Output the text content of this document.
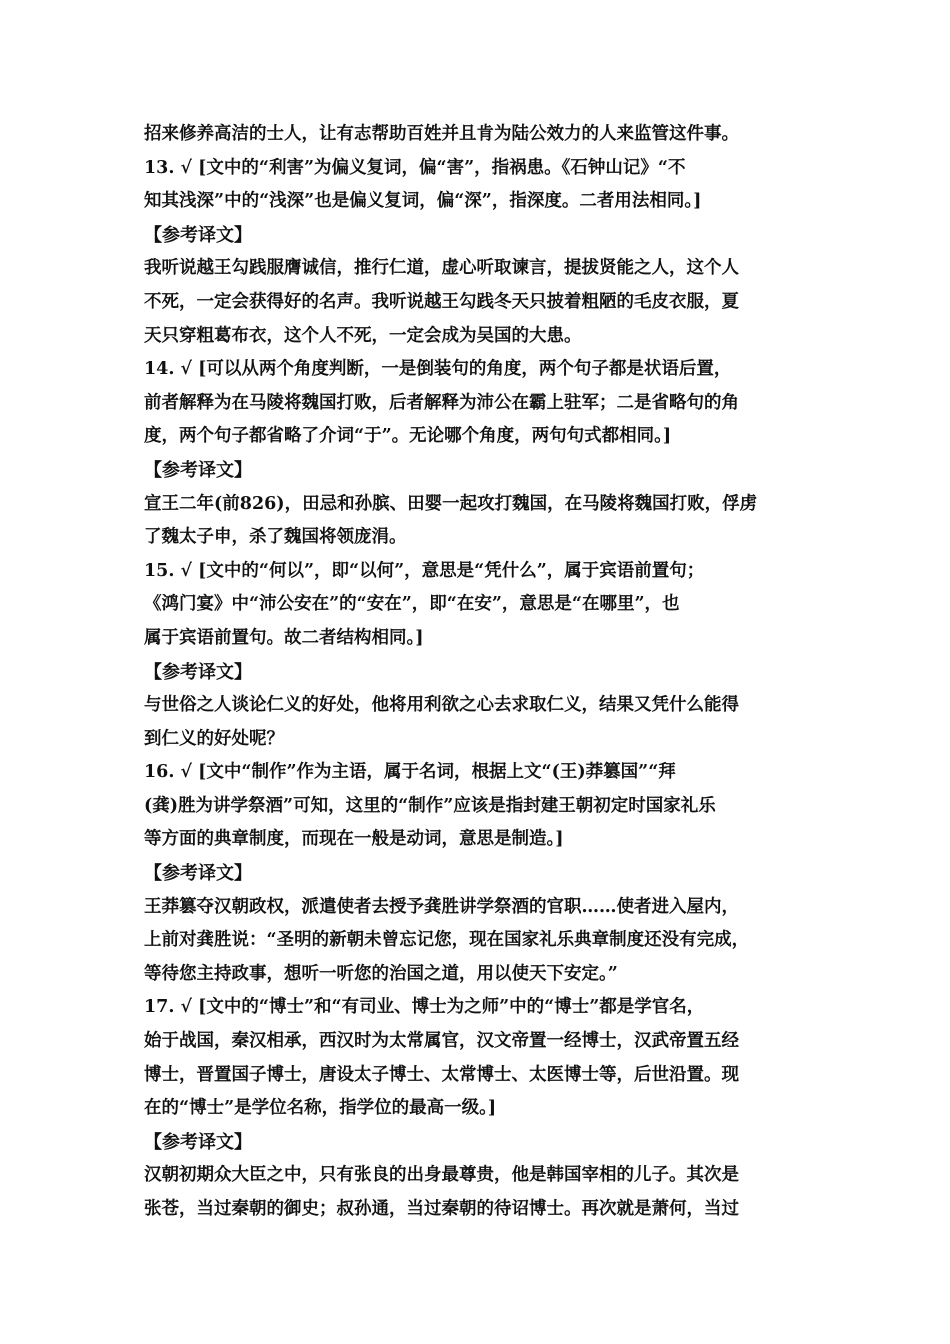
招来修养高洁的士人，让有志帮助百姓并且肯为陆公效力的人来监管这件事。
13. √ [文中的“利害”为偏义复词，偏“害”，指祸患。《石钟山记》“不
知其浅深”中的“浅深”也是偏义复词，偏“深”，指深度。二者用法相同。]
【参考译文】
我听说越王勾践服膺诚信，推行仁道，虚心听取谏言，提拔贤能之人，这个人
不死，一定会获得好的名声。我听说越王勾践冬天只披着粗陋的毛皮衣服，夏
天只穿粗葛布衣，这个人不死，一定会成为吴国的大患。
14. √ [可以从两个角度判断，一是倒装句的角度，两个句子都是状语后置，
前者解释为在马陵将魏国打败，后者解释为沛公在霸上驻军；二是省略句的角
度，两个句子都省略了介词“于”。无论哪个角度，两句句式都相同。]
【参考译文】
宣王二年(前826)，田忌和孙膑、田婴一起攻打魏国，在马陵将魏国打败，俘虏
了魏太子申，杀了魏国将领庞涓。
15. √ [文中的“何以”，即“以何”，意思是“凭什么”，属于宾语前置句；
《鸿门宴》中“沛公安在”的“安在”，即“在安”，意思是“在哪里”，也
属于宾语前置句。故二者结构相同。]
【参考译文】
与世俗之人谈论仁义的好处，他将用利欲之心去求取仁义，结果又凭什么能得
到仁义的好处呢？
16. √ [文中“制作”作为主语，属于名词，根据上文“(王)莽篡国”“拜
(龚)胜为讲学祭酒”可知，这里的“制作”应该是指封建王朝初定时国家礼乐
等方面的典章制度，而现在一般是动词，意思是制造。]
【参考译文】
王莽篡夺汉朝政权，派遣使者去授予龚胜讲学祭酒的官职……使者进入屋内，
上前对龚胜说：“圣明的新朝未曾忘记您，现在国家礼乐典章制度还没有完成，
等待您主持政事，想听一听您的治国之道，用以使天下安定。”
17. √ [文中的“博士”和“有司业、博士为之师”中的“博士”都是学官名，
始于战国，秦汉相承，西汉时为太常属官，汉文帝置一经博士，汉武帝置五经
博士，晋置国子博士，唐设太子博士、太常博士、太医博士等，后世沿置。现
在的“博士”是学位名称，指学位的最高一级。]
【参考译文】
汉朝初期众大臣之中，只有张良的出身最尊贵，他是韩国宰相的儿子。其次是
张苍，当过秦朝的御史；叔孙通，当过秦朝的待诏博士。再次就是萧何，当过
